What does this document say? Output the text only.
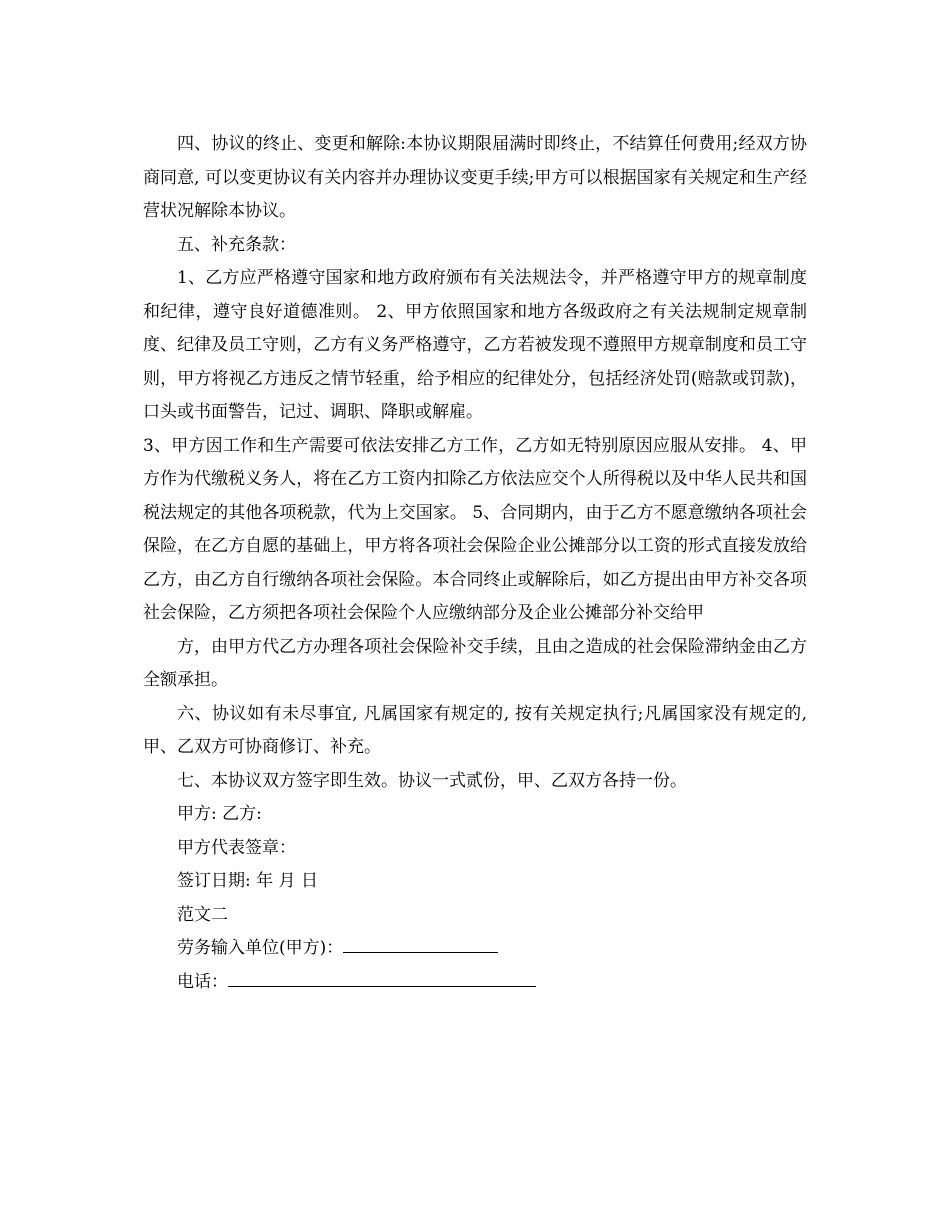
四、协议的终止、变更和解除:本协议期限届满时即终止，不结算任何费用;经双方协商同意, 可以变更协议有关内容并办理协议变更手续;甲方可以根据国家有关规定和生产经营状况解除本协议。

五、补充条款：

1、乙方应严格遵守国家和地方政府颁布有关法规法令，并严格遵守甲方的规章制度和纪律，遵守良好道德准则。 2、甲方依照国家和地方各级政府之有关法规制定规章制度、纪律及员工守则，乙方有义务严格遵守，乙方若被发现不遵照甲方规章制度和员工守则，甲方将视乙方违反之情节轻重，给予相应的纪律处分，包括经济处罚(赔款或罚款)，口头或书面警告，记过、调职、降职或解雇。

3、甲方因工作和生产需要可依法安排乙方工作，乙方如无特别原因应服从安排。 4、甲方作为代缴税义务人，将在乙方工资内扣除乙方依法应交个人所得税以及中华人民共和国税法规定的其他各项税款，代为上交国家。 5、合同期内，由于乙方不愿意缴纳各项社会保险，在乙方自愿的基础上，甲方将各项社会保险企业公摊部分以工资的形式直接发放给乙方，由乙方自行缴纳各项社会保险。本合同终止或解除后，如乙方提出由甲方补交各项社会保险，乙方须把各项社会保险个人应缴纳部分及企业公摊部分补交给甲

方，由甲方代乙方办理各项社会保险补交手续，且由之造成的社会保险滞纳金由乙方全额承担。

六、协议如有未尽事宜, 凡属国家有规定的, 按有关规定执行;凡属国家没有规定的, 甲、乙双方可协商修订、补充。

七、本协议双方签字即生效。协议一式贰份，甲、乙双方各持一份。

甲方: 乙方:

甲方代表签章：

签订日期: 年 月 日

范文二

劳务输入单位(甲方)：

电话：
